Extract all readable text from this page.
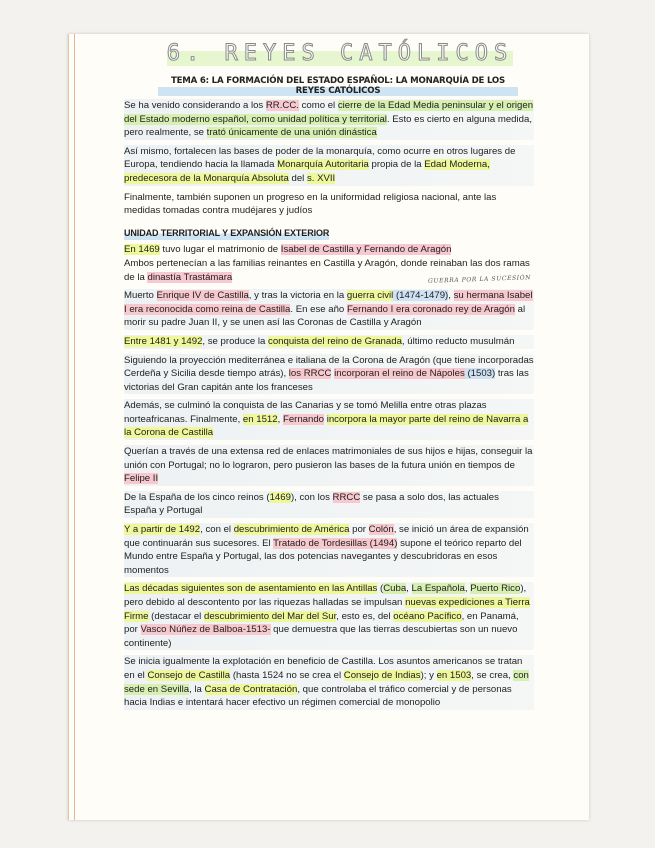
6. REYES CATÓLICOS
TEMA 6: LA FORMACIÓN DEL ESTADO ESPAÑOL: LA MONARQUÍA DE LOS REYES CATÓLICOS
GUERRA POR LA SUCESIÓN

Se ha venido considerando a los RR.CC. como el cierre de la Edad Media peninsular y el origen del Estado moderno español, como unidad política y territorial. Esto es cierto en alguna medida, pero realmente, se trató únicamente de una unión dinástica

Así mismo, fortalecen las bases de poder de la monarquía, como ocurre en otros lugares de Europa, tendiendo hacia la llamada Monarquía Autoritaria propia de la Edad Moderna, predecesora de la Monarquía Absoluta del s. XVII

Finalmente, también suponen un progreso en la uniformidad religiosa nacional, ante las medidas tomadas contra mudéjares y judíos

UNIDAD TERRITORIAL Y EXPANSIÓN EXTERIOR

En 1469 tuvo lugar el matrimonio de Isabel de Castilla y Fernando de Aragón
Ambos pertenecían a las familias reinantes en Castilla y Aragón, donde reinaban las dos ramas de la dinastía Trastámara

Muerto Enrique IV de Castilla, y tras la victoria en la guerra civil (1474-1479), su hermana Isabel I era reconocida como reina de Castilla. En ese año Fernando I era coronado rey de Aragón al morir su padre Juan II, y se unen así las Coronas de Castilla y Aragón

Entre 1481 y 1492, se produce la conquista del reino de Granada, último reducto musulmán

Siguiendo la proyección mediterránea e italiana de la Corona de Aragón (que tiene incorporadas Cerdeña y Sicilia desde tiempo atrás), los RRCC incorporan el reino de Nápoles (1503) tras las victorias del Gran capitán ante los franceses

Además, se culminó la conquista de las Canarias y se tomó Melilla entre otras plazas norteafricanas. Finalmente, en 1512, Fernando incorpora la mayor parte del reino de Navarra a la Corona de Castilla

Querían a través de una extensa red de enlaces matrimoniales de sus hijos e hijas, conseguir la unión con Portugal; no lo lograron, pero pusieron las bases de la futura unión en tiempos de Felipe II

De la España de los cinco reinos (1469), con los RRCC se pasa a solo dos, las actuales España y Portugal

Y a partir de 1492, con el descubrimiento de América por Colón, se inició un área de expansión que continuarán sus sucesores. El Tratado de Tordesillas (1494) supone el teórico reparto del Mundo entre España y Portugal, las dos potencias navegantes y descubridoras en esos momentos

Las décadas siguientes son de asentamiento en las Antillas (Cuba, La Española, Puerto Rico), pero debido al descontento por las riquezas halladas se impulsan nuevas expediciones a Tierra Firme (destacar el descubrimiento del Mar del Sur, esto es, del océano Pacífico, en Panamá, por Vasco Núñez de Balboa-1513- que demuestra que las tierras descubiertas son un nuevo continente)

Se inicia igualmente la explotación en beneficio de Castilla. Los asuntos americanos se tratan en el Consejo de Castilla (hasta 1524 no se crea el Consejo de Indias); y en 1503, se crea, con sede en Sevilla, la Casa de Contratación, que controlaba el tráfico comercial y de personas hacia Indias e intentará hacer efectivo un régimen comercial de monopolio
